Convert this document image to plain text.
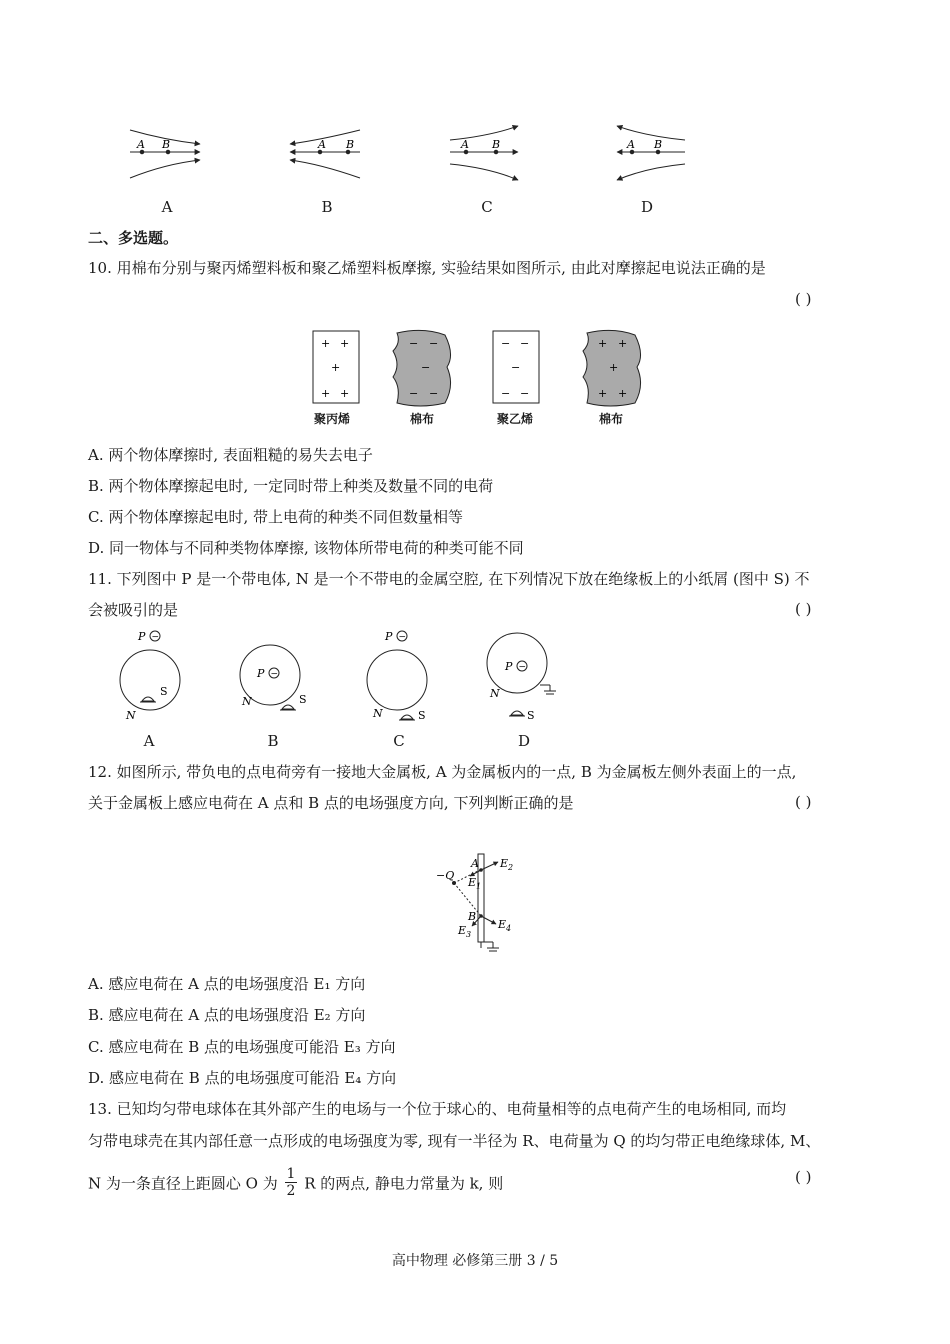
A B	A B	A B	A B
A	B	C	D
二、多选题。
10. 用棉布分别与聚丙烯塑料板和聚乙烯塑料板摩擦, 实验结果如图所示, 由此对摩擦起电说法正确的是
( )
+ +
+
+ +
− −
−
− −
− −
−
− −
+ +
+
+ +
聚丙烯	棉布	聚乙烯	棉布
A. 两个物体摩擦时, 表面粗糙的易失去电子
B. 两个物体摩擦起电时, 一定同时带上种类及数量不同的电荷
C. 两个物体摩擦起电时, 带上电荷的种类不同但数量相等
D. 同一物体与不同种类物体摩擦, 该物体所带电荷的种类可能不同
11. 下列图中 P 是一个带电体, N 是一个不带电的金属空腔, 在下列情况下放在绝缘板上的小纸屑 (图中 S) 不
会被吸引的是	( )
P −
S
N
P −
S
N
P −
S
N
P −
S
N
A	B	C	D
12. 如图所示, 带负电的点电荷旁有一接地大金属板, A 为金属板内的一点, B 为金属板左侧外表面上的一点,
关于金属板上感应电荷在 A 点和 B 点的电场强度方向, 下列判断正确的是	( )
−Q
A $E_2$
$E_1$
B
$E_3$
$E_4$
A. 感应电荷在 A 点的电场强度沿 E₁ 方向
B. 感应电荷在 A 点的电场强度沿 E₂ 方向
C. 感应电荷在 B 点的电场强度可能沿 E₃ 方向
D. 感应电荷在 B 点的电场强度可能沿 E₄ 方向
13. 已知均匀带电球体在其外部产生的电场与一个位于球心的、电荷量相等的点电荷产生的电场相同, 而均
匀带电球壳在其内部任意一点形成的电场强度为零, 现有一半径为 R、电荷量为 Q 的均匀带正电绝缘球体, M、
N 为一条直径上距圆心 O 为 $\frac{1}{2}$ R 的两点, 静电力常量为 k, 则	( )
高中物理 必修第三册 3 / 5
